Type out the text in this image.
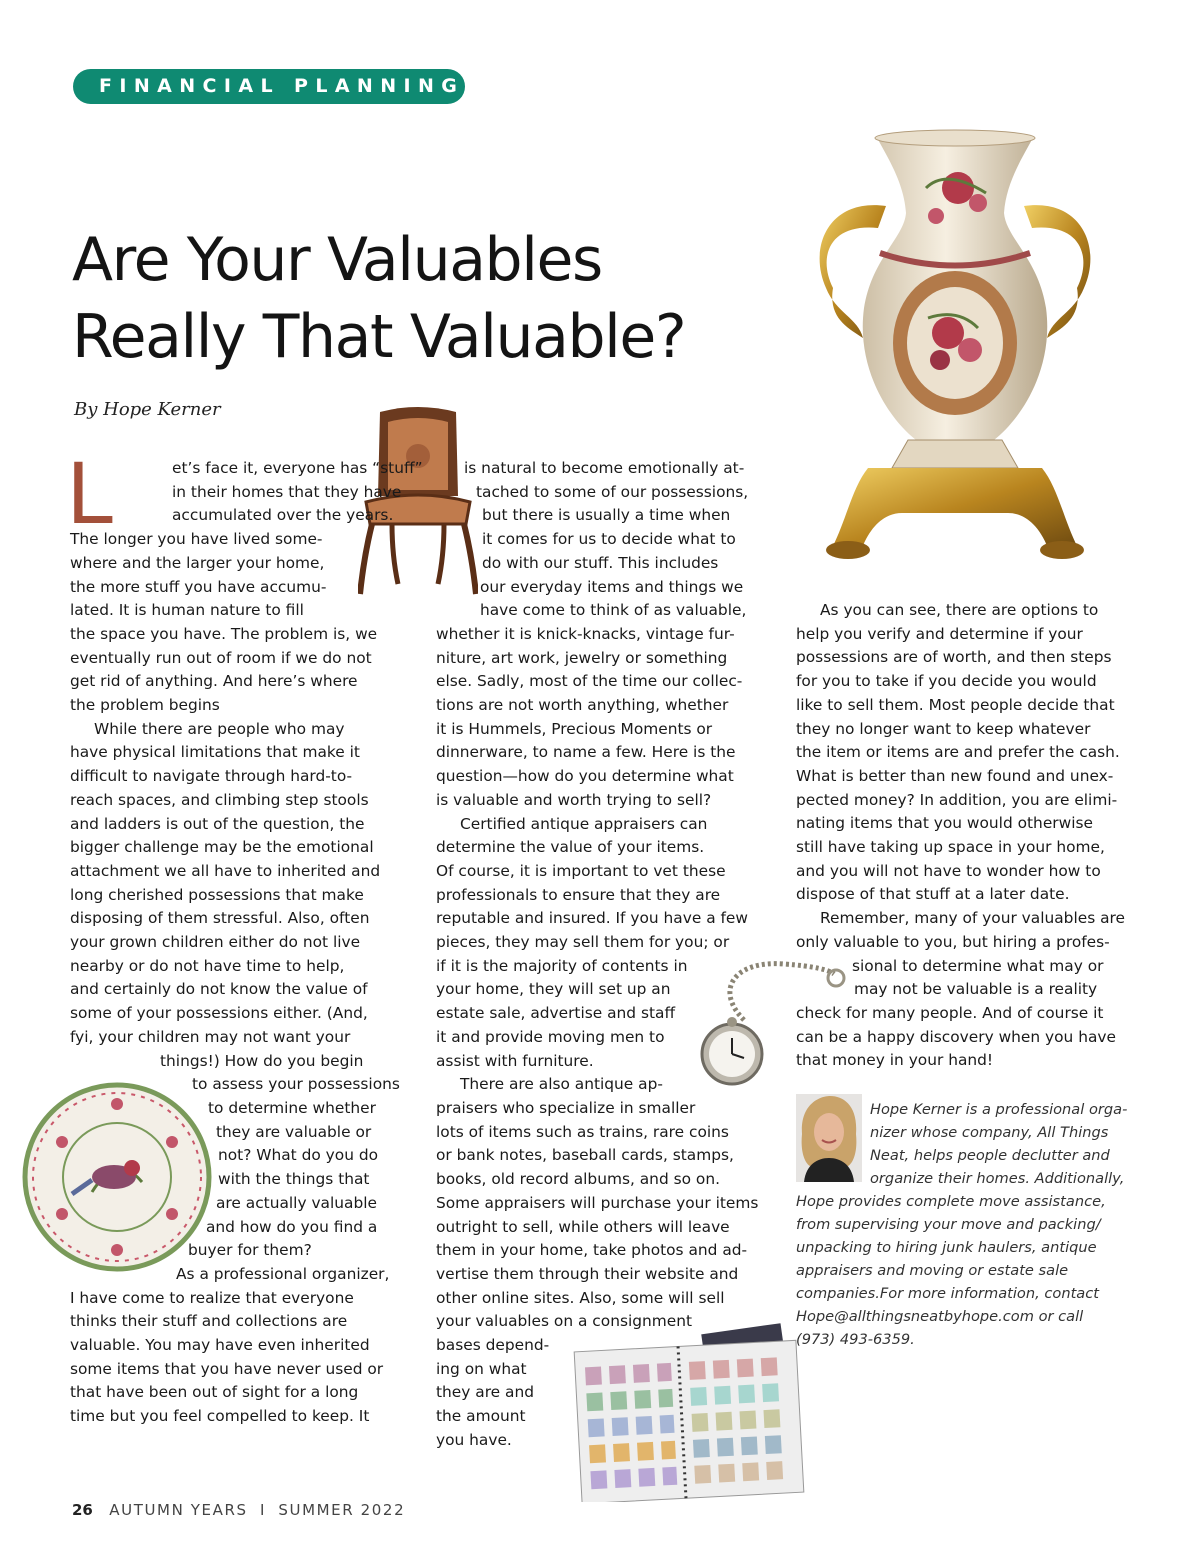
FINANCIAL PLANNING
Are Your Valuables
Really That Valuable?
By Hope Kerner
L	et’s face it, everyone has “stuff”
in their homes that they have
accumulated over the years.
The longer you have lived some-
where and the larger your home,
the more stuff you have accumu-
lated. It is human nature to fill
the space you have. The problem is, we
eventually run out of room if we do not
get rid of anything. And here’s where
the problem begins
While there are people who may
have physical limitations that make it
difficult to navigate through hard-to-
reach spaces, and climbing step stools
and ladders is out of the question, the
bigger challenge may be the emotional
attachment we all have to inherited and
long cherished possessions that make
disposing of them stressful. Also, often
your grown children either do not live
nearby or do not have time to help,
and certainly do not know the value of
some of your possessions either. (And,
fyi, your children may not want your
things!) How do you begin
to assess your possessions
to determine whether
they are valuable or
not? What do you do
with the things that
are actually valuable
and how do you find a
buyer for them?
As a professional organizer,
I have come to realize that everyone
thinks their stuff and collections are
valuable. You may have even inherited
some items that you have never used or
that have been out of sight for a long
time but you feel compelled to keep. It
is natural to become emotionally at-
tached to some of our possessions,
but there is usually a time when
it comes for us to decide what to
do with our stuff. This includes
our everyday items and things we
have come to think of as valuable,
whether it is knick-knacks, vintage fur-
niture, art work, jewelry or something
else. Sadly, most of the time our collec-
tions are not worth anything, whether
it is Hummels, Precious Moments or
dinnerware, to name a few. Here is the
question—how do you determine what
is valuable and worth trying to sell?
Certified antique appraisers can
determine the value of your items.
Of course, it is important to vet these
professionals to ensure that they are
reputable and insured. If you have a few
pieces, they may sell them for you; or
if it is the majority of contents in
your home, they will set up an
estate sale, advertise and staff
it and provide moving men to
assist with furniture.
There are also antique ap-
praisers who specialize in smaller
lots of items such as trains, rare coins
or bank notes, baseball cards, stamps,
books, old record albums, and so on.
Some appraisers will purchase your items
outright to sell, while others will leave
them in your home, take photos and ad-
vertise them through their website and
other online sites. Also, some will sell
your valuables on a consignment
bases depend-
ing on what
they are and
the amount
you have.
As you can see, there are options to
help you verify and determine if your
possessions are of worth, and then steps
for you to take if you decide you would
like to sell them. Most people decide that
they no longer want to keep whatever
the item or items are and prefer the cash.
What is better than new found and unex-
pected money? In addition, you are elimi-
nating items that you would otherwise
still have taking up space in your home,
and you will not have to wonder how to
dispose of that stuff at a later date.
Remember, many of your valuables are
only valuable to you, but hiring a profes-
sional to determine what may or
may not be valuable is a reality
check for many people. And of course it
can be a happy discovery when you have
that money in your hand!
Hope Kerner is a professional orga-
nizer whose company, All Things
Neat, helps people declutter and
organize their homes. Additionally,
Hope provides complete move assistance,
from supervising your move and packing/
unpacking to hiring junk haulers, antique
appraisers and moving or estate sale
companies.For more information, contact
Hope@allthingsneatbyhope.com or call
(973) 493-6359.
26 AUTUMN YEARS I SUMMER 2022
